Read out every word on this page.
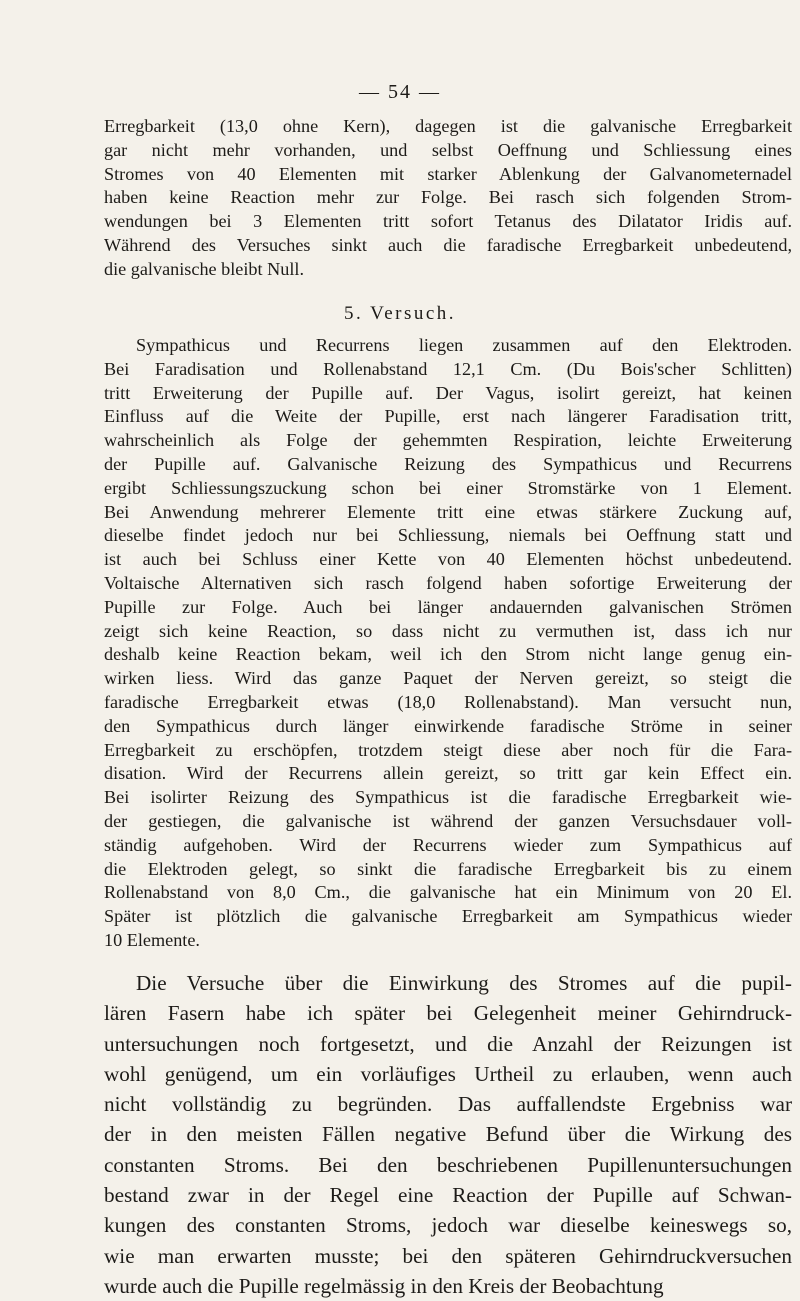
— 54 —

Erregbarkeit (13,0 ohne Kern), dagegen ist die galvanische Erregbarkeit
gar nicht mehr vorhanden, und selbst Oeffnung und Schliessung eines
Stromes von 40 Elementen mit starker Ablenkung der Galvanometernadel
haben keine Reaction mehr zur Folge. Bei rasch sich folgenden Strom-
wendungen bei 3 Elementen tritt sofort Tetanus des Dilatator Iridis auf.
Während des Versuches sinkt auch die faradische Erregbarkeit unbedeutend,
die galvanische bleibt Null.

5. Versuch.

Sympathicus und Recurrens liegen zusammen auf den Elektroden.
Bei Faradisation und Rollenabstand 12,1 Cm. (Du Bois'scher Schlitten)
tritt Erweiterung der Pupille auf. Der Vagus, isolirt gereizt, hat keinen
Einfluss auf die Weite der Pupille, erst nach längerer Faradisation tritt,
wahrscheinlich als Folge der gehemmten Respiration, leichte Erweiterung
der Pupille auf. Galvanische Reizung des Sympathicus und Recurrens
ergibt Schliessungszuckung schon bei einer Stromstärke von 1 Element.
Bei Anwendung mehrerer Elemente tritt eine etwas stärkere Zuckung auf,
dieselbe findet jedoch nur bei Schliessung, niemals bei Oeffnung statt und
ist auch bei Schluss einer Kette von 40 Elementen höchst unbedeutend.
Voltaische Alternativen sich rasch folgend haben sofortige Erweiterung der
Pupille zur Folge. Auch bei länger andauernden galvanischen Strömen
zeigt sich keine Reaction, so dass nicht zu vermuthen ist, dass ich nur
deshalb keine Reaction bekam, weil ich den Strom nicht lange genug ein-
wirken liess. Wird das ganze Paquet der Nerven gereizt, so steigt die
faradische Erregbarkeit etwas (18,0 Rollenabstand). Man versucht nun,
den Sympathicus durch länger einwirkende faradische Ströme in seiner
Erregbarkeit zu erschöpfen, trotzdem steigt diese aber noch für die Fara-
disation. Wird der Recurrens allein gereizt, so tritt gar kein Effect ein.
Bei isolirter Reizung des Sympathicus ist die faradische Erregbarkeit wie-
der gestiegen, die galvanische ist während der ganzen Versuchsdauer voll-
ständig aufgehoben. Wird der Recurrens wieder zum Sympathicus auf
die Elektroden gelegt, so sinkt die faradische Erregbarkeit bis zu einem
Rollenabstand von 8,0 Cm., die galvanische hat ein Minimum von 20 El.
Später ist plötzlich die galvanische Erregbarkeit am Sympathicus wieder
10 Elemente.

Die Versuche über die Einwirkung des Stromes auf die pupil-
lären Fasern habe ich später bei Gelegenheit meiner Gehirndruck-
untersuchungen noch fortgesetzt, und die Anzahl der Reizungen ist
wohl genügend, um ein vorläufiges Urtheil zu erlauben, wenn auch
nicht vollständig zu begründen. Das auffallendste Ergebniss war
der in den meisten Fällen negative Befund über die Wirkung des
constanten Stroms. Bei den beschriebenen Pupillenuntersuchungen
bestand zwar in der Regel eine Reaction der Pupille auf Schwan-
kungen des constanten Stroms, jedoch war dieselbe keineswegs so,
wie man erwarten musste; bei den späteren Gehirndruckversuchen
wurde auch die Pupille regelmässig in den Kreis der Beobachtung
